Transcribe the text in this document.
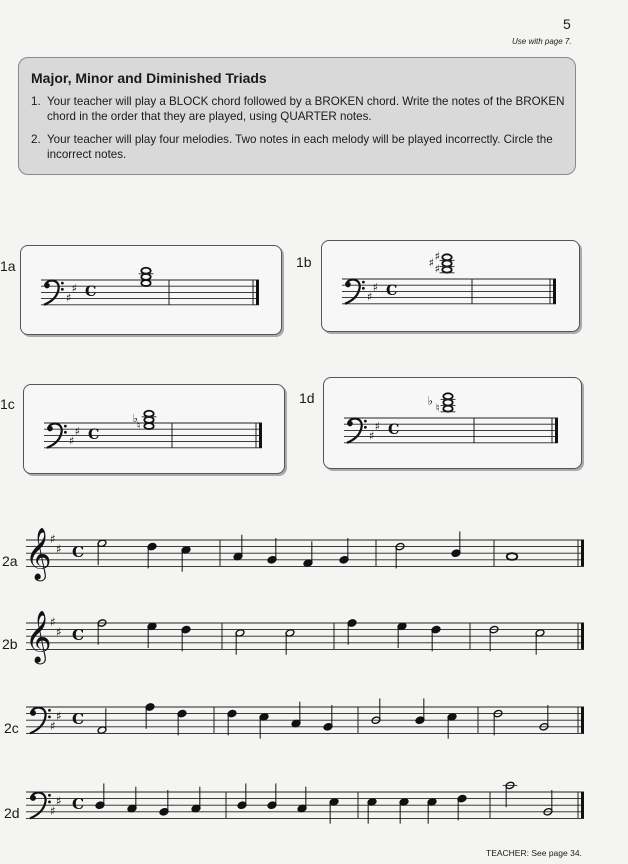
5
Use with page 7.
Major, Minor and Diminished Triads
1. Your teacher will play a BLOCK chord followed by a BROKEN chord. Write the notes of the BROKEN chord in the order that they are played, using QUARTER notes.
2. Your teacher will play four melodies. Two notes in each melody will be played incorrectly. Circle the incorrect notes.
♯
♯ C
1a
♯
♯ C
♯
♯ ♯
1b
♯
♯ C
♮
♭
1c
♯
♯ C
♮
♭
1d
2a
2b
2c
2d
𝄞
♯
♯ C
𝄞
♯
♯ C
♯
♯ C
♯
♯ C
TEACHER: See page 34.
